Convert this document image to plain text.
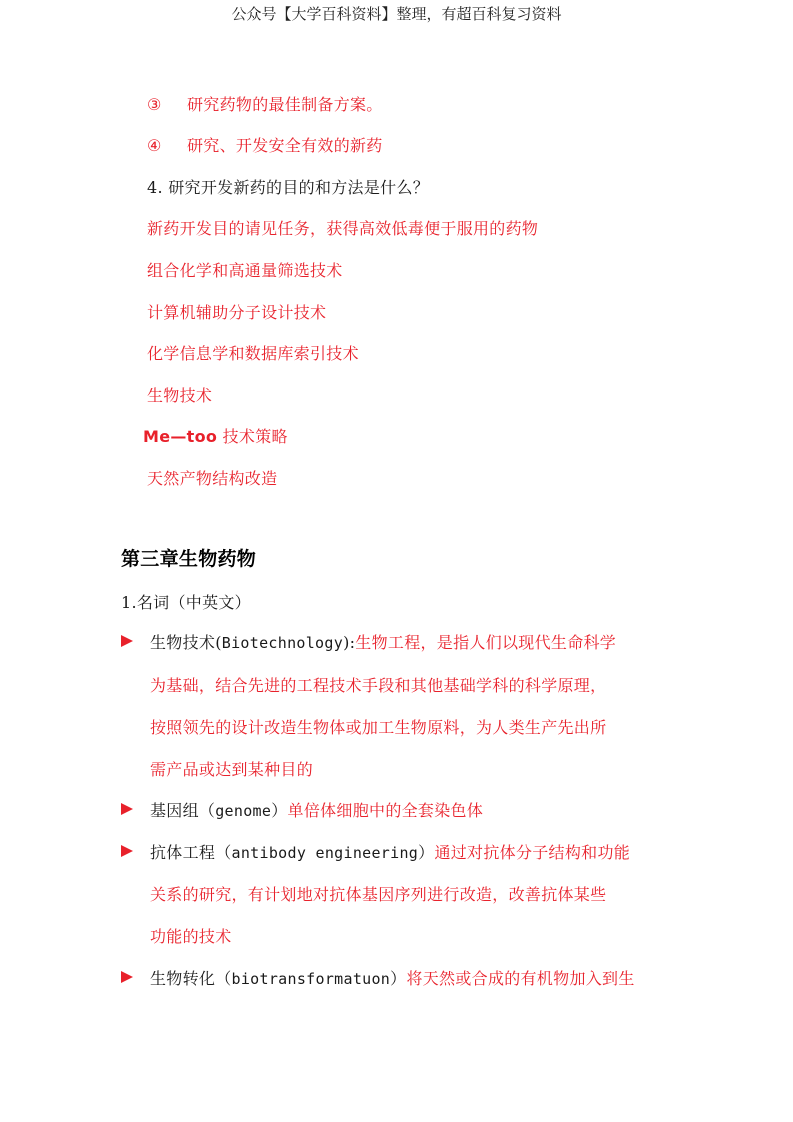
公众号【大学百科资料】整理，有超百科复习资料
③ 研究药物的最佳制备方案。
④ 研究、开发安全有效的新药
4. 研究开发新药的目的和方法是什么？
新药开发目的请见任务，获得高效低毒便于服用的药物
组合化学和高通量筛选技术
计算机辅助分子设计技术
化学信息学和数据库索引技术
生物技术
Me—too 技术策略
天然产物结构改造
第三章生物药物
1.名词（中英文）
生物技术(Biotechnology):生物工程，是指人们以现代生命科学
为基础，结合先进的工程技术手段和其他基础学科的科学原理，
按照领先的设计改造生物体或加工生物原料，为人类生产先出所
需产品或达到某种目的
基因组（genome）单倍体细胞中的全套染色体
抗体工程（antibody engineering）通过对抗体分子结构和功能
关系的研究，有计划地对抗体基因序列进行改造，改善抗体某些
功能的技术
生物转化（biotransformatuon）将天然或合成的有机物加入到生
